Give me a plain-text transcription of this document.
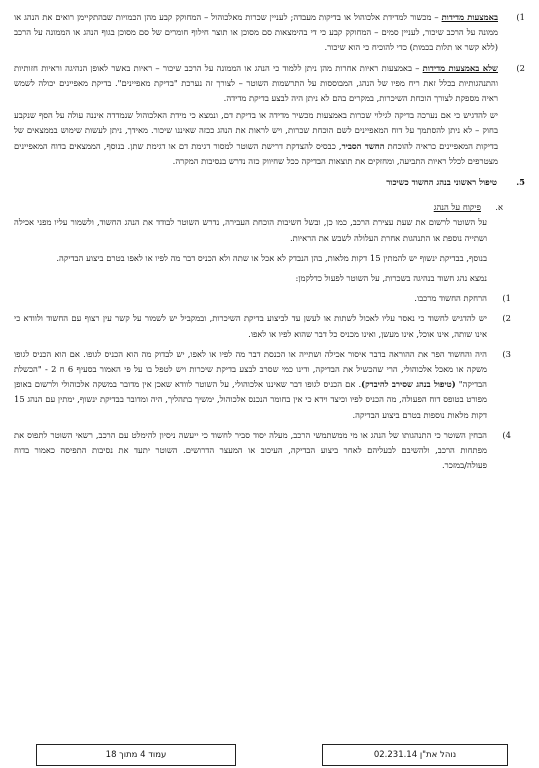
1)
באמצעות מדידות – מכשור למדידת אלכוהול או בדיקות מעבדה; לעניין שכרות מאלכוהול – המחוקק קבע מהן הכמויות שבהתקיימן רואים את הנהג או ממונה על הרכב שיכור, לעניין סמים – המחוקק קבע כי די בהימצאות סם מסוכן או תוצר חילוף חומרים של סם מסוכן בגוף הנהג או הממונה על הרכב (ללא קשר או תלות בכמות) כדי להוכיח כי הוא שיכור.
2)
שלא באמצעות מדידות – באמצעות ראיות אחרות מהן ניתן ללמוד כי הנהג או הממונה על הרכב שיכור – ראיות באשר לאופן הנהיגה וראיות חזותיות והתנהגותיות בכלל זאת ריח מפיו של הנהג, המבוססות על התרשמות השוטר – לצורך זה נערכת "בדיקת מאפיינים". בדיקת מאפיינים יכולה לשמש ראיה מספקת לצורך הוכחת השיכרות, במקרים בהם לא ניתן היה לבצע בדיקת מדידה.
יש להדגיש כי אם נערכה בדיקה לגילוי שכרות באמצעות מכשיר מדידה או בדיקת דם, ונמצא כי מידת האלכוהול שנמדדה איננה עולה על הסף שנקבע בחוק – לא ניתן להסתמך על דוח המאפיינים לשם הוכחת שכרות, ויש לראות את הנהג ככזה שאיננו שיכור. מאידך, ניתן לעשות שימוש בממצאים של בדיקות המאפיינים כראיה להוכחת החשד הסביר, כבסיס להצדקת דרישת השוטר למסור דגימת דם או דגימת שתן. בנוסף, הממצאים בדוח המאפיינים מצטרפים לכלל ראיות התביעה, ומחזקים את תוצאות הבדיקה ככל שחיווק כזה נדרש בנסיבות המקרה.
5.
טיפול ראשוני בנהג החשוד כשיכור
א.
פיקוח על הנהג
על השוטר לרשום את שעת עצירת הרכב, כמו כן, ובשל חשיבות הוכחת העבירה, נדרש השוטר לבודד את הנהג החשוד, ולשמור עליו מפני אכילה ושתייה נוספת או התנהגות אחרת העלולה לשבש את הראיות.
בנוסף, בבדיקת ינשוף יש להמתין 15 דקות מלאות, בהן הנבדק לא אכל או שתה ולא הכניס דבר מה לפיו או לאפו בטרם ביצוע הבדיקה.
נמצא נהג חשוד בנהיגה בשכרות, על השוטר לפעול כדלקמן:
1)
הרחקת החשוד מרכבו.
2)
יש להדגיש לחשוד כי נאסר עליו לאכול לשתות או לעשן עד לביצוע בדיקת השיכרות, ובמקביל יש לשמור על קשר עין רצוף עם החשוד ולוודא כי אינו שותה, אינו אוכל, אינו מעשן, ואינו מכניס כל דבר שהוא לפיו או לאפו.
3)
היה והחשוד הפר את ההוראה בדבר איסור אכילה ושתייה או הכנסת דבר מה לפיו או לאפו, יש לבדוק מה הוא הכניס לגופו. אם הוא הכניס לגופו משקה או מאכל אלכוהולי, הרי שהכשיל את הבדיקה, ודינו כמי שסרב לבצע בדיקת שיכרות ויש לטפל בו על פי האמור בסעיף 6 ח 2 - "הכשלת הבדיקה" (טיפול בנהג שסירב להיבדק). אם הכניס לגופו דבר שאיננו אלכוהולי, על השוטר לוודא שאכן אין מדובר במשקה אלכוהולי ולרשום באופן מפורט בטופס דוח הפעולה, מה הכניס לפיו וכיצד וידא כי אין בחומר הנכנס אלכוהול, ימשיך בתהליך, היה ומדובר בבדיקת ינשוף, ימתין עם הנהג 15 דקות מלאות נוספות בטרם ביצוע הבדיקה.
4)
הבחין השוטר כי התנהגותו של הנהג או מי ממשתמשי הרכב, מעלה יסוד סביר לחשוד כי ייעשה ניסיון להימלט עם הרכב, רשאי השוטר לתפוס את מפתחות הרכב, ולהשיבם לבעליהם לאחר ביצוע הבדיקה, העיכוב או המעצר הדרושים. השוטר יתעד את נסיבות התפיסה כאמור בדוח פעולה/במזכר.
עמוד 4 מתוך 18	נוהל את"ן 02.231.14
